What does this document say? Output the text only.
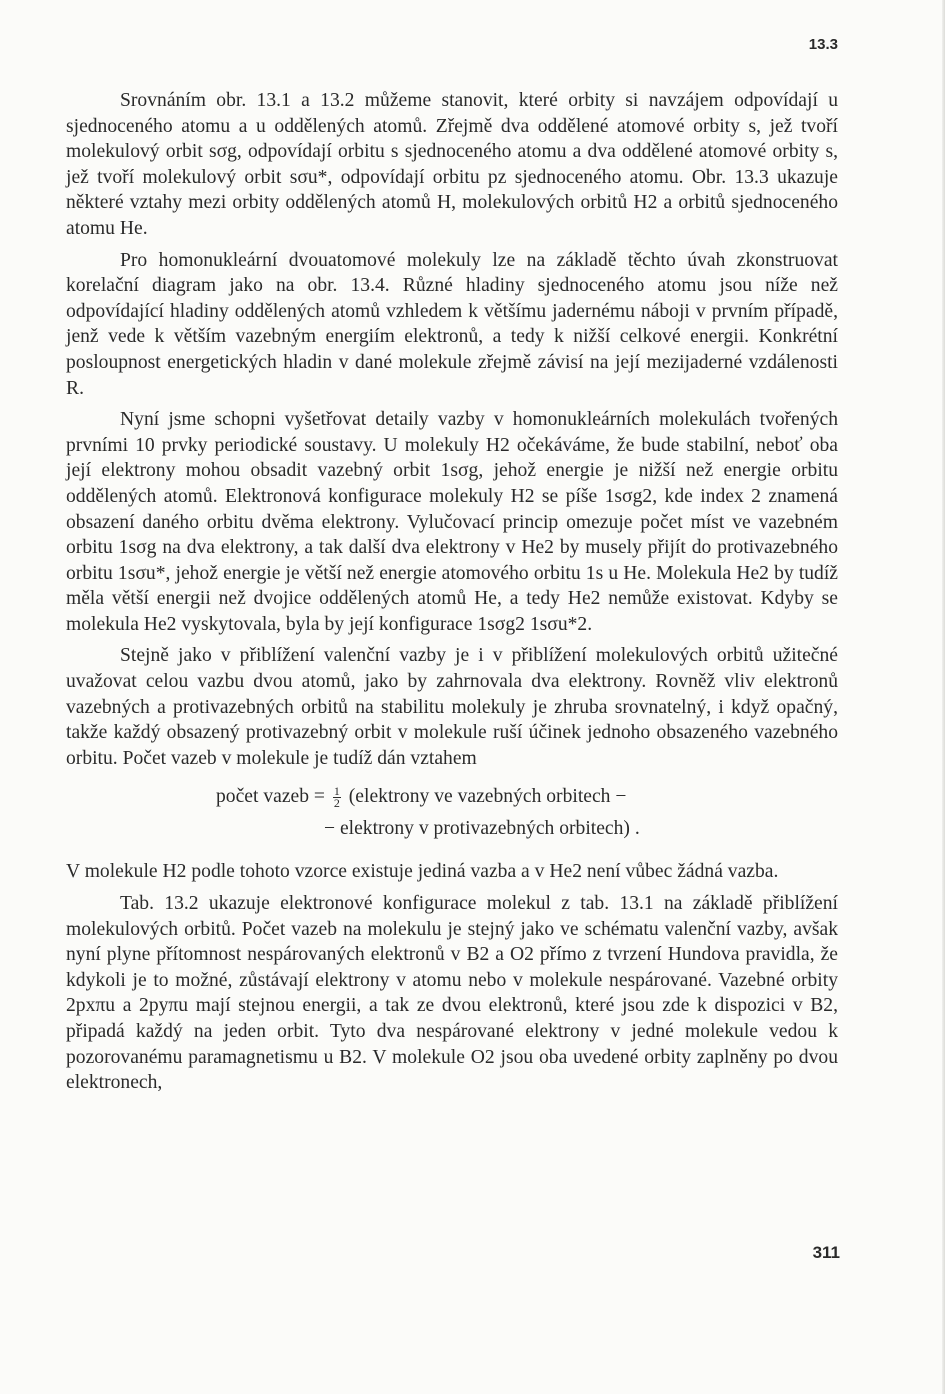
13.3

Srovnáním obr. 13.1 a 13.2 můžeme stanovit, které orbity si navzájem odpovídají u sjednoceného atomu a u oddělených atomů. Zřejmě dva oddělené atomové orbity s, jež tvoří molekulový orbit sσg, odpovídají orbitu s sjednoceného atomu a dva oddělené atomové orbity s, jež tvoří molekulový orbit sσu*, odpovídají orbitu pz sjednoceného atomu. Obr. 13.3 ukazuje některé vztahy mezi orbity oddělených atomů H, molekulových orbitů H2 a orbitů sjednoceného atomu He.

Pro homonukleární dvouatomové molekuly lze na základě těchto úvah zkonstruovat korelační diagram jako na obr. 13.4. Různé hladiny sjednoceného atomu jsou níže než odpovídající hladiny oddělených atomů vzhledem k většímu jadernému náboji v prvním případě, jenž vede k větším vazebným energiím elektronů, a tedy k nižší celkové energii. Konkrétní posloupnost energetických hladin v dané molekule zřejmě závisí na její mezijaderné vzdálenosti R.

Nyní jsme schopni vyšetřovat detaily vazby v homonukleárních molekulách tvořených prvními 10 prvky periodické soustavy. U molekuly H2 očekáváme, že bude stabilní, neboť oba její elektrony mohou obsadit vazebný orbit 1sσg, jehož energie je nižší než energie orbitu oddělených atomů. Elektronová konfigurace molekuly H2 se píše 1sσg2, kde index 2 znamená obsazení daného orbitu dvěma elektrony. Vylučovací princip omezuje počet míst ve vazebném orbitu 1sσg na dva elektrony, a tak další dva elektrony v He2 by musely přijít do protivazebného orbitu 1sσu*, jehož energie je větší než energie atomového orbitu 1s u He. Molekula He2 by tudíž měla větší energii než dvojice oddělených atomů He, a tedy He2 nemůže existovat. Kdyby se molekula He2 vyskytovala, byla by její konfigurace 1sσg2 1sσu*2.

Stejně jako v přiblížení valenční vazby je i v přiblížení molekulových orbitů užitečné uvažovat celou vazbu dvou atomů, jako by zahrnovala dva elektrony. Rovněž vliv elektronů vazebných a protivazebných orbitů na stabilitu molekuly je zhruba srovnatelný, i když opačný, takže každý obsazený protivazebný orbit v molekule ruší účinek jednoho obsazeného vazebného orbitu. Počet vazeb v molekule je tudíž dán vztahem

počet vazeb = $\frac{1}{2}$ (elektrony ve vazebných orbitech −
− elektrony v protivazebných orbitech) .

V molekule H2 podle tohoto vzorce existuje jediná vazba a v He2 není vůbec žádná vazba.

Tab. 13.2 ukazuje elektronové konfigurace molekul z tab. 13.1 na základě přiblížení molekulových orbitů. Počet vazeb na molekulu je stejný jako ve schématu valenční vazby, avšak nyní plyne přítomnost nespárovaných elektronů v B2 a O2 přímo z tvrzení Hundova pravidla, že kdykoli je to možné, zůstávají elektrony v atomu nebo v molekule nespárované. Vazebné orbity 2pxπu a 2pyπu mají stejnou energii, a tak ze dvou elektronů, které jsou zde k dispozici v B2, připadá každý na jeden orbit. Tyto dva nespárované elektrony v jedné molekule vedou k pozorovanému paramagnetismu u B2. V molekule O2 jsou oba uvedené orbity zaplněny po dvou elektronech,

311
